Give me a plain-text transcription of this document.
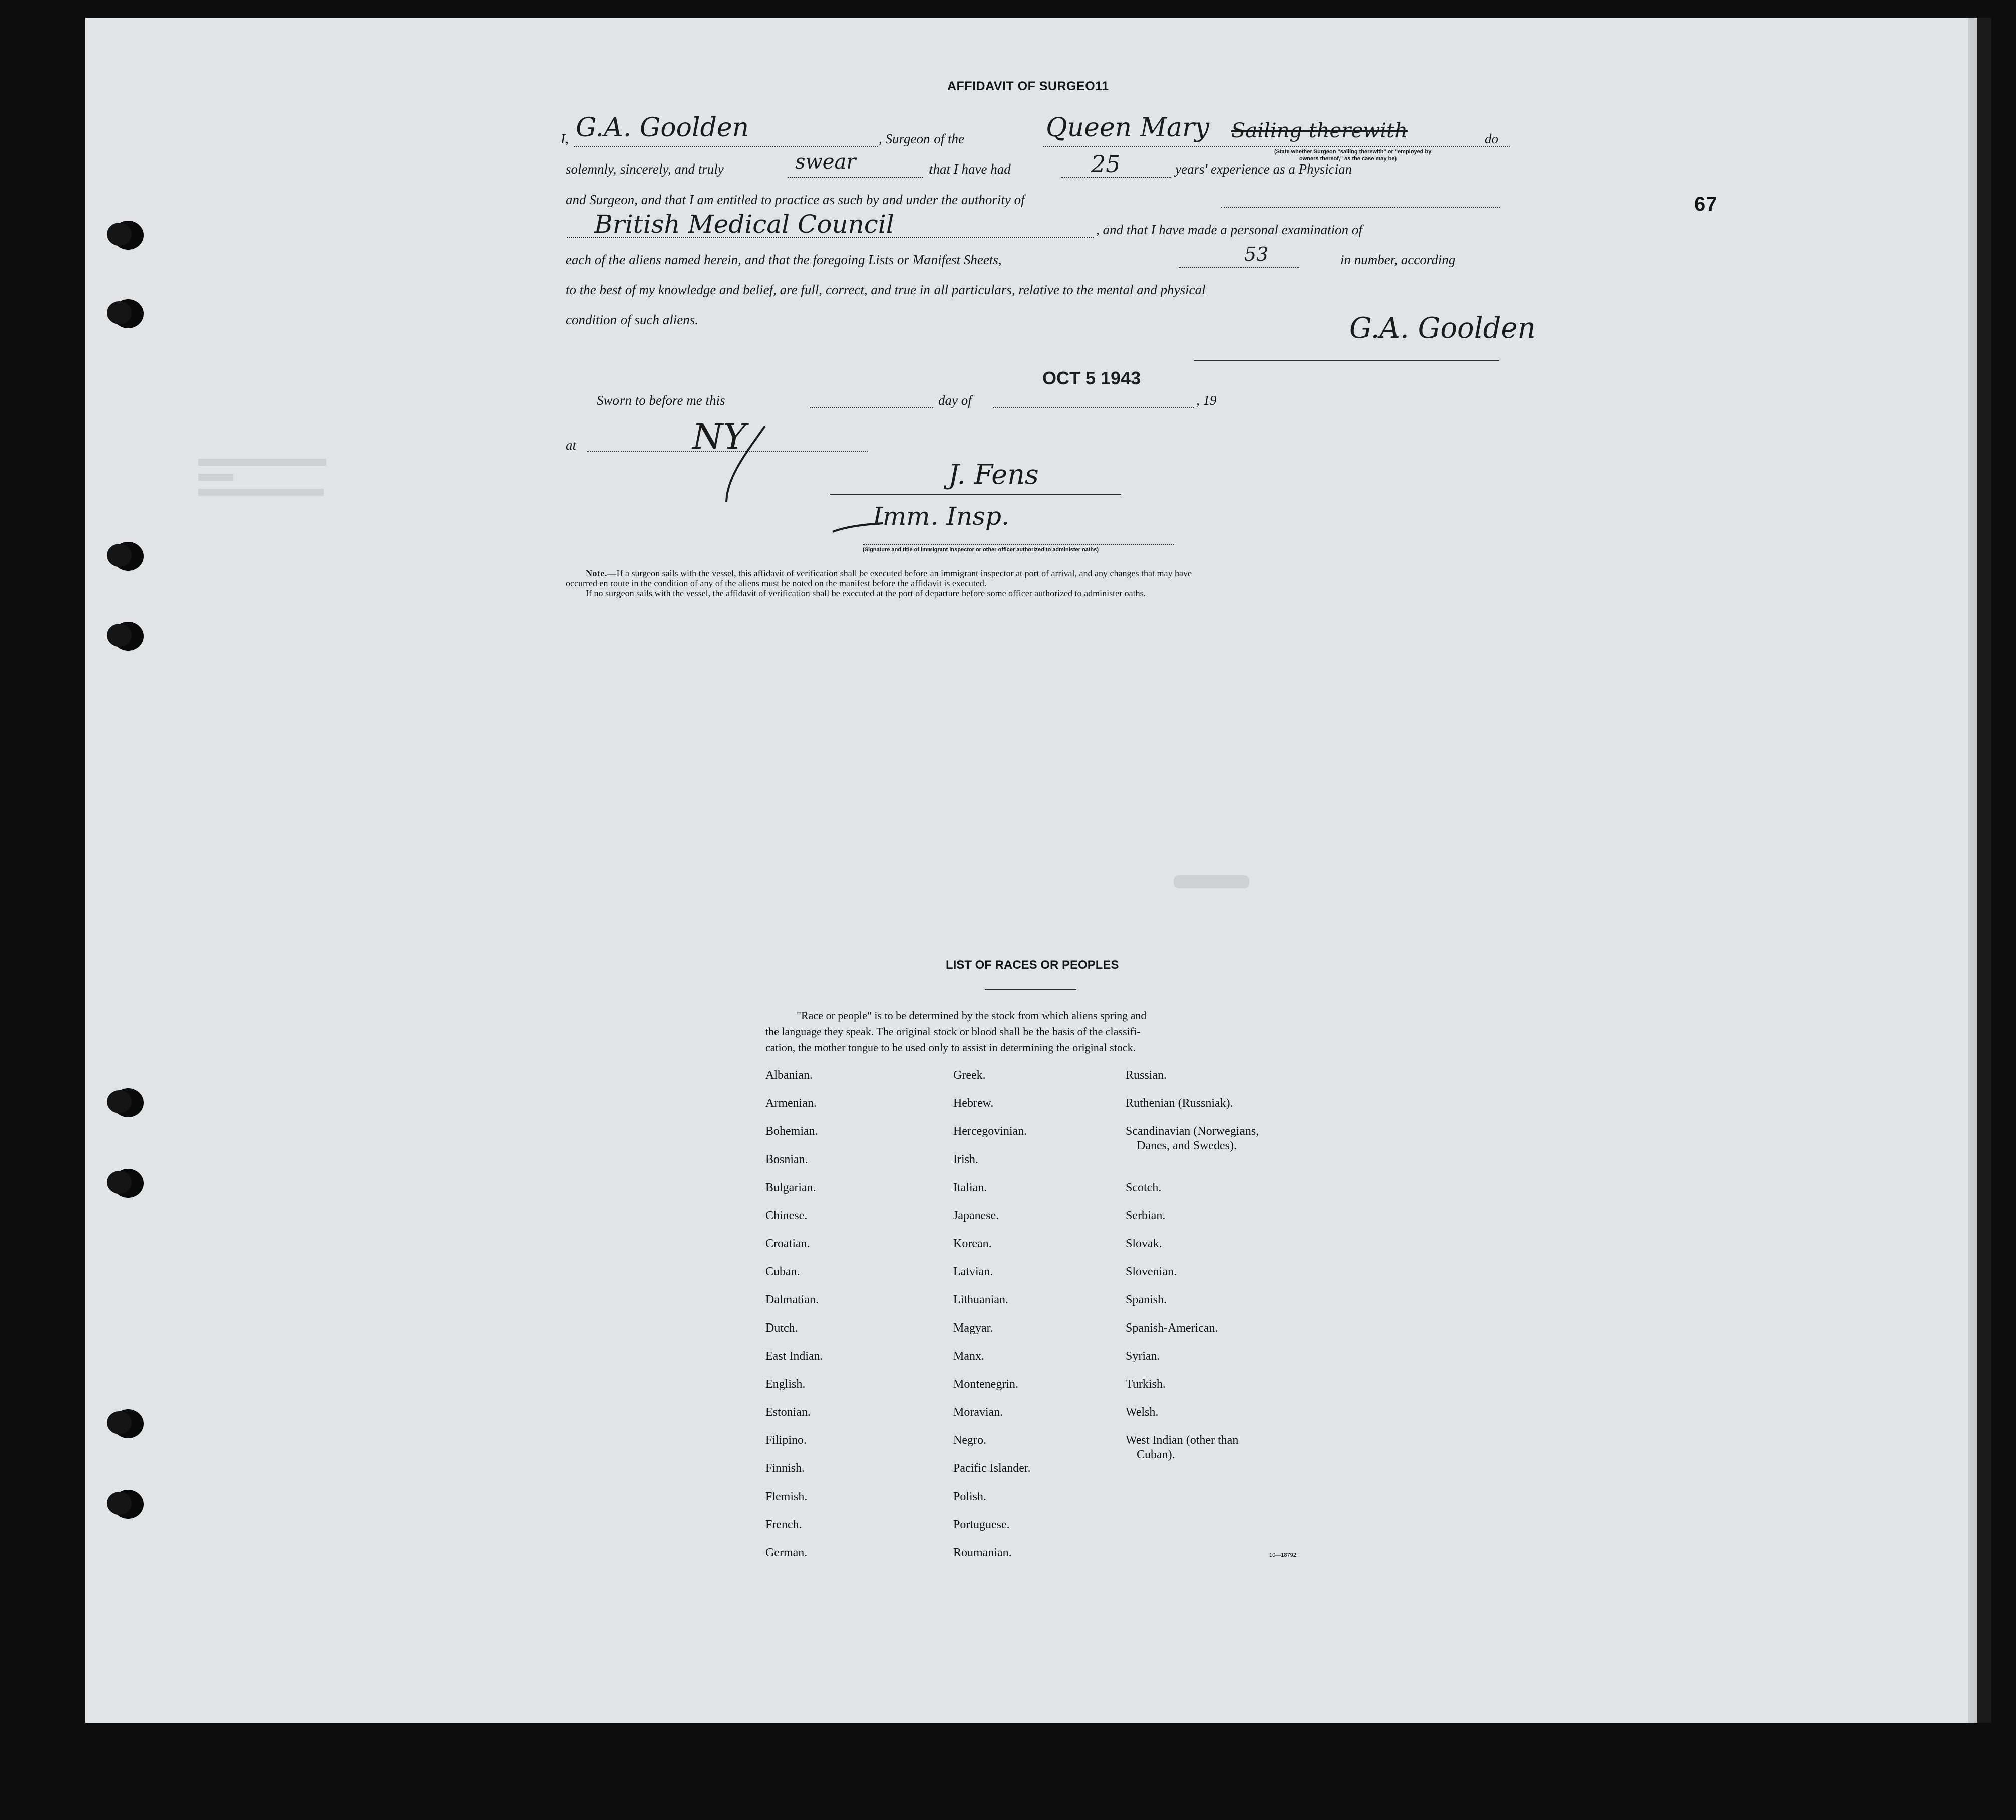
67
AFFIDAVIT OF SURGEO11
I, G.A. Goolden	, Surgeon of the	Queen Mary Sailing therewith	do
(State whether Surgeon "sailing therewith" or "employed by
owners thereof," as the case may be)
solemnly, sincerely, and truly	swear	that I have had	25	years' experience as a Physician
and Surgeon, and that I am entitled to practice as such by and under the authority of
British Medical Council	, and that I have made a personal examination of
each of the aliens named herein, and that the foregoing Lists or Manifest Sheets,	53	in number, according
to the best of my knowledge and belief, are full, correct, and true in all particulars, relative to the mental and physical
condition of such aliens.	G.A. Goolden
OCT 5 1943
Sworn to before me this	day of	, 19
at	NY
J. Fens
Imm. Insp.
(Signature and title of immigrant inspector or other officer authorized to administer oaths)
Note.—If a surgeon sails with the vessel, this affidavit of verification shall be executed before an immigrant inspector at port of arrival, and any changes that may have
occurred en route in the condition of any of the aliens must be noted on the manifest before the affidavit is executed.
If no surgeon sails with the vessel, the affidavit of verification shall be executed at the port of departure before some officer authorized to administer oaths.
LIST OF RACES OR PEOPLES
"Race or people" is to be determined by the stock from which aliens spring and
the language they speak. The original stock or blood shall be the basis of the classifi-
cation, the mother tongue to be used only to assist in determining the original stock.
Albanian.
Armenian.
Bohemian.
Bosnian.
Bulgarian.
Chinese.
Croatian.
Cuban.
Dalmatian.
Dutch.
East Indian.
English.
Estonian.
Filipino.
Finnish.
Flemish.
French.
German.
Greek.
Hebrew.
Hercegovinian.
Irish.
Italian.
Japanese.
Korean.
Latvian.
Lithuanian.
Magyar.
Manx.
Montenegrin.
Moravian.
Negro.
Pacific Islander.
Polish.
Portuguese.
Roumanian.
Russian.
Ruthenian (Russniak).
Scandinavian (Norwegians,
Danes, and Swedes).
Scotch.
Serbian.
Slovak.
Slovenian.
Spanish.
Spanish-American.
Syrian.
Turkish.
Welsh.
West Indian (other than
Cuban).
10—18792.
